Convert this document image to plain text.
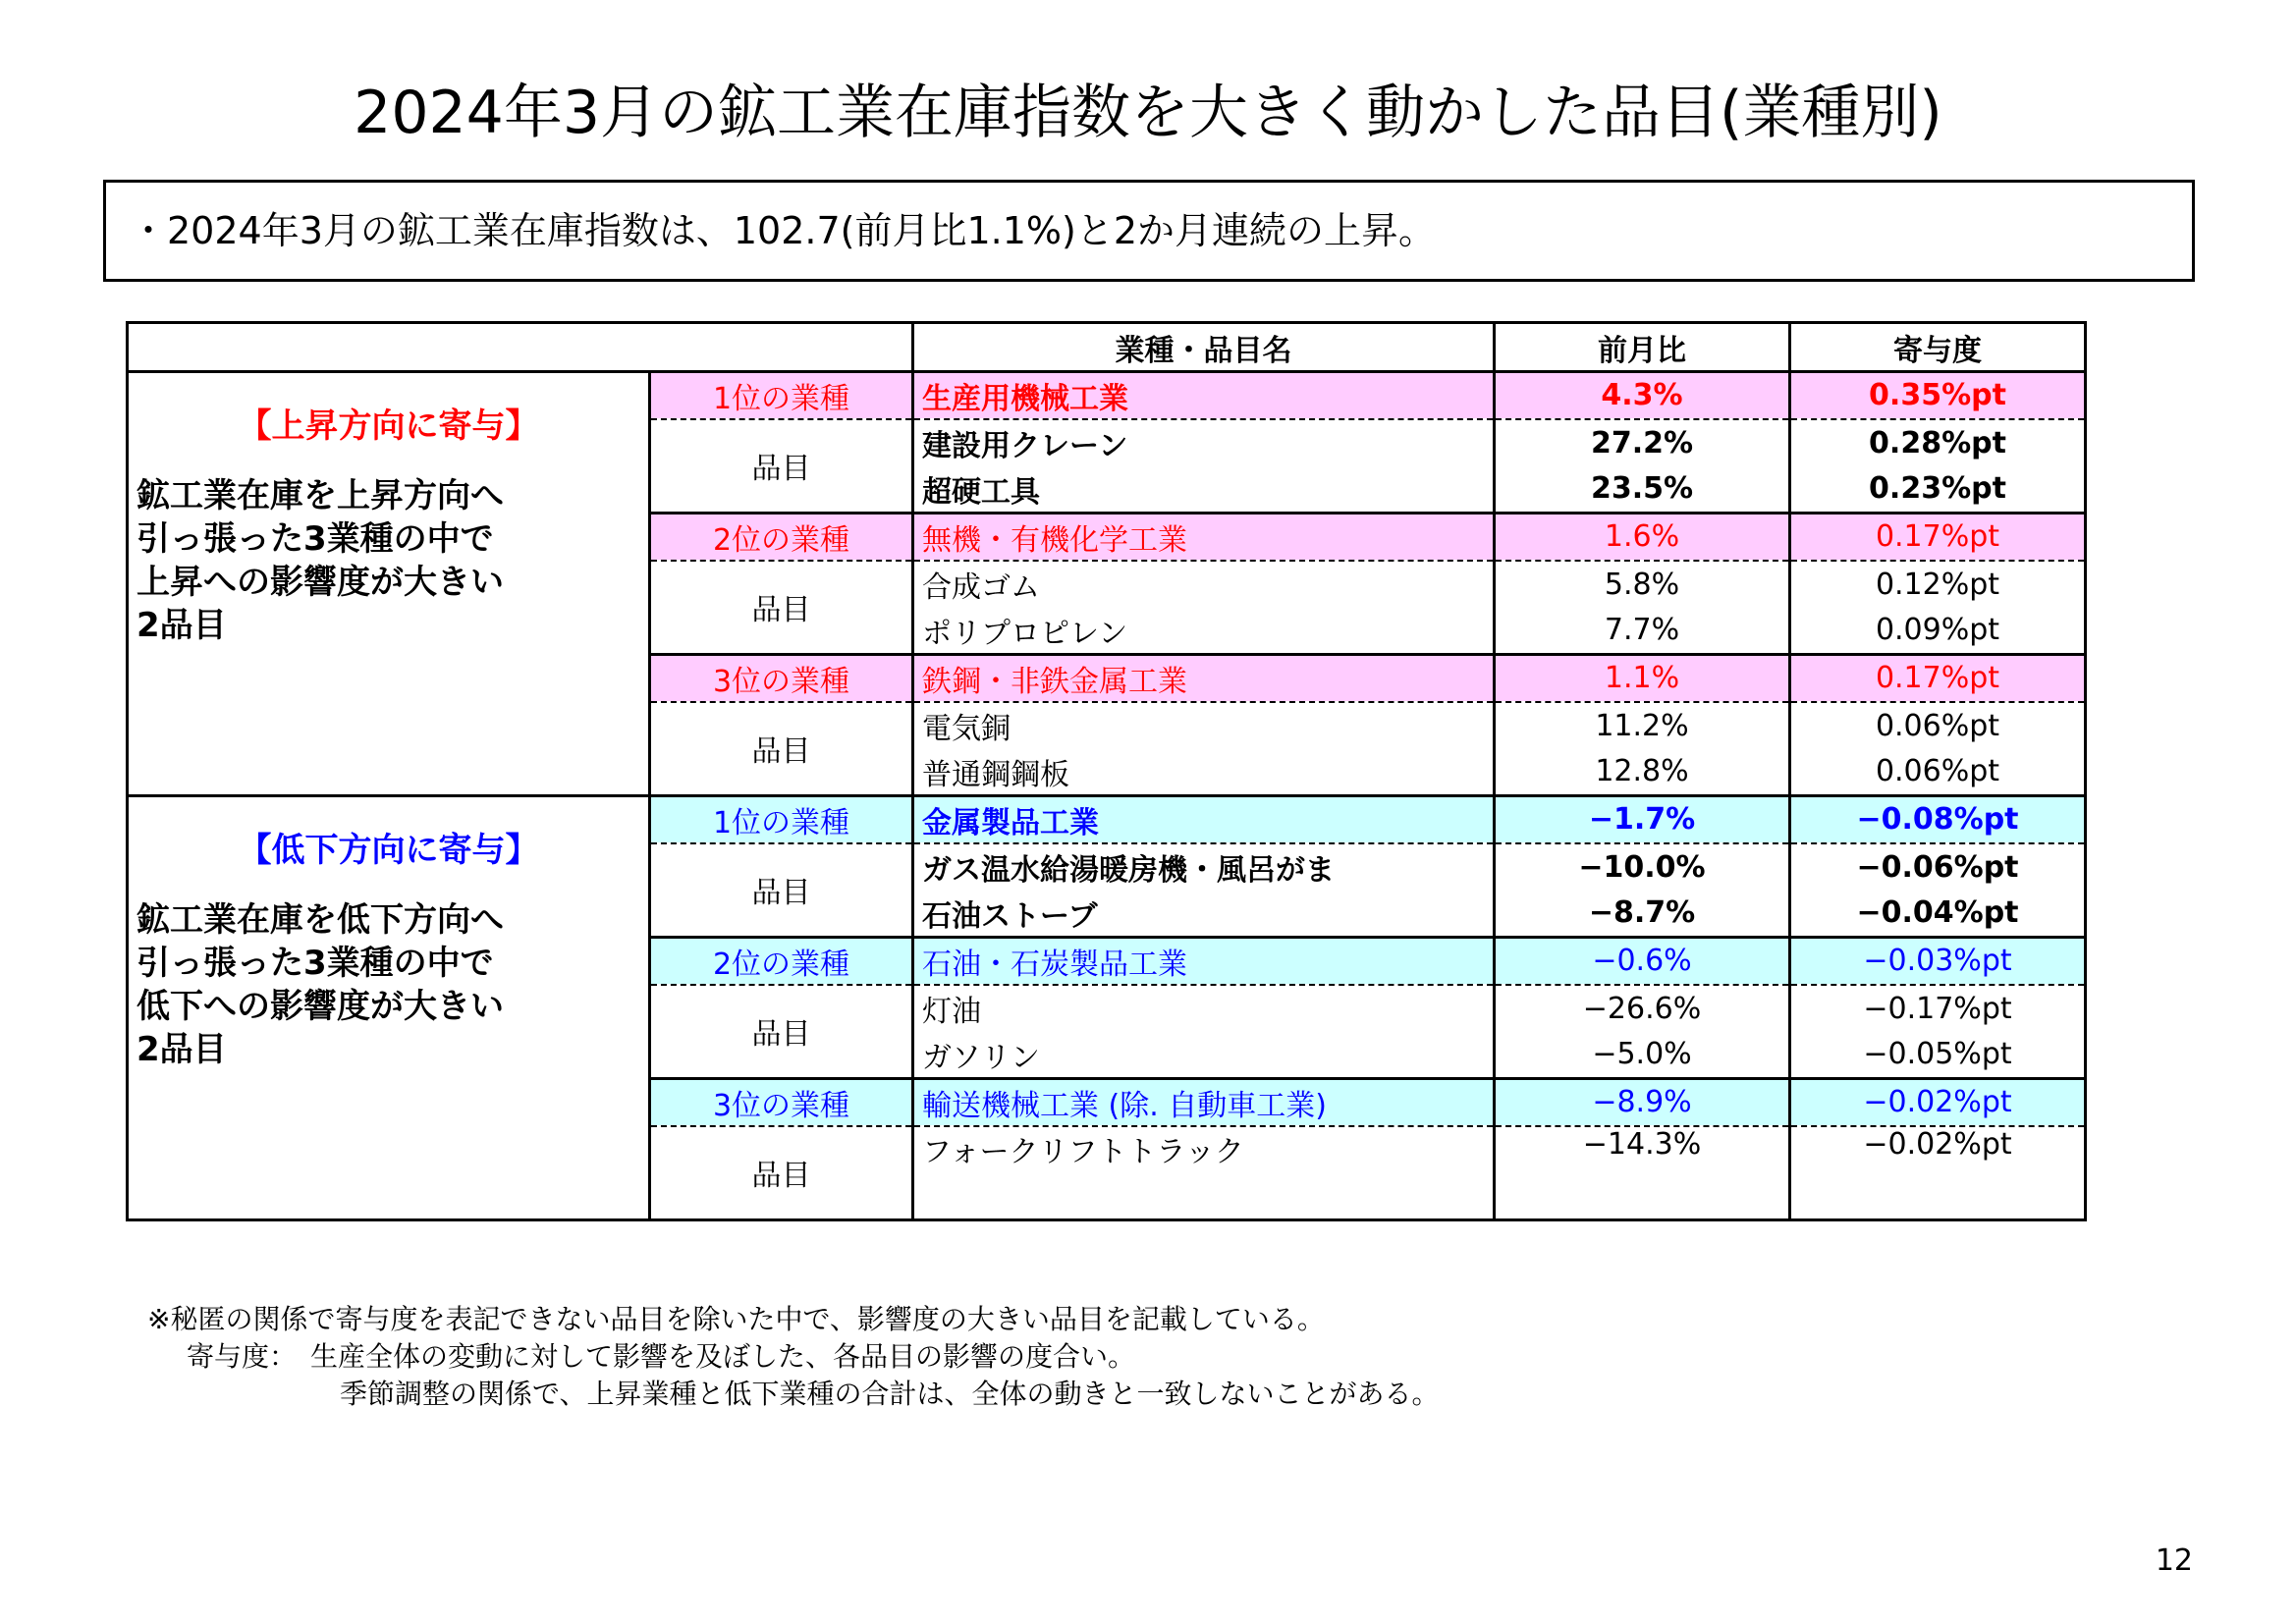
2024年3月の鉱工業在庫指数を大きく動かした品目(業種別)
・2024年3月の鉱工業在庫指数は、102.7(前月比1.1%)と2か月連続の上昇。
		業種・品目名	前月比	寄与度

【上昇方向に寄与】
鉱工業在庫を上昇方向へ
引っ張った3業種の中で
上昇への影響度が大きい
2品目	1位の業種	生産用機械工業	4.3%	0.35%pt
	品目	建設用クレーン	27.2%	0.28%pt
		超硬工具	23.5%	0.23%pt
	2位の業種	無機・有機化学工業	1.6%	0.17%pt
	品目	合成ゴム	5.8%	0.12%pt
		ポリプロピレン	7.7%	0.09%pt
	3位の業種	鉄鋼・非鉄金属工業	1.1%	0.17%pt
	品目	電気銅	11.2%	0.06%pt
		普通鋼鋼板	12.8%	0.06%pt

【低下方向に寄与】
鉱工業在庫を低下方向へ
引っ張った3業種の中で
低下への影響度が大きい
2品目	1位の業種	金属製品工業	−1.7%	−0.08%pt
	品目	ガス温水給湯暖房機・風呂がま	−10.0%	−0.06%pt
		石油ストーブ	−8.7%	−0.04%pt
	2位の業種	石油・石炭製品工業	−0.6%	−0.03%pt
	品目	灯油	−26.6%	−0.17%pt
		ガソリン	−5.0%	−0.05%pt
	3位の業種	輸送機械工業 (除. 自動車工業)	−8.9%	−0.02%pt
	品目	フォークリフトトラック	−14.3%	−0.02%pt

※秘匿の関係で寄与度を表記できない品目を除いた中で、影響度の大きい品目を記載している。
寄与度：　生産全体の変動に対して影響を及ぼした、各品目の影響の度合い。
季節調整の関係で、上昇業種と低下業種の合計は、全体の動きと一致しないことがある。
12
